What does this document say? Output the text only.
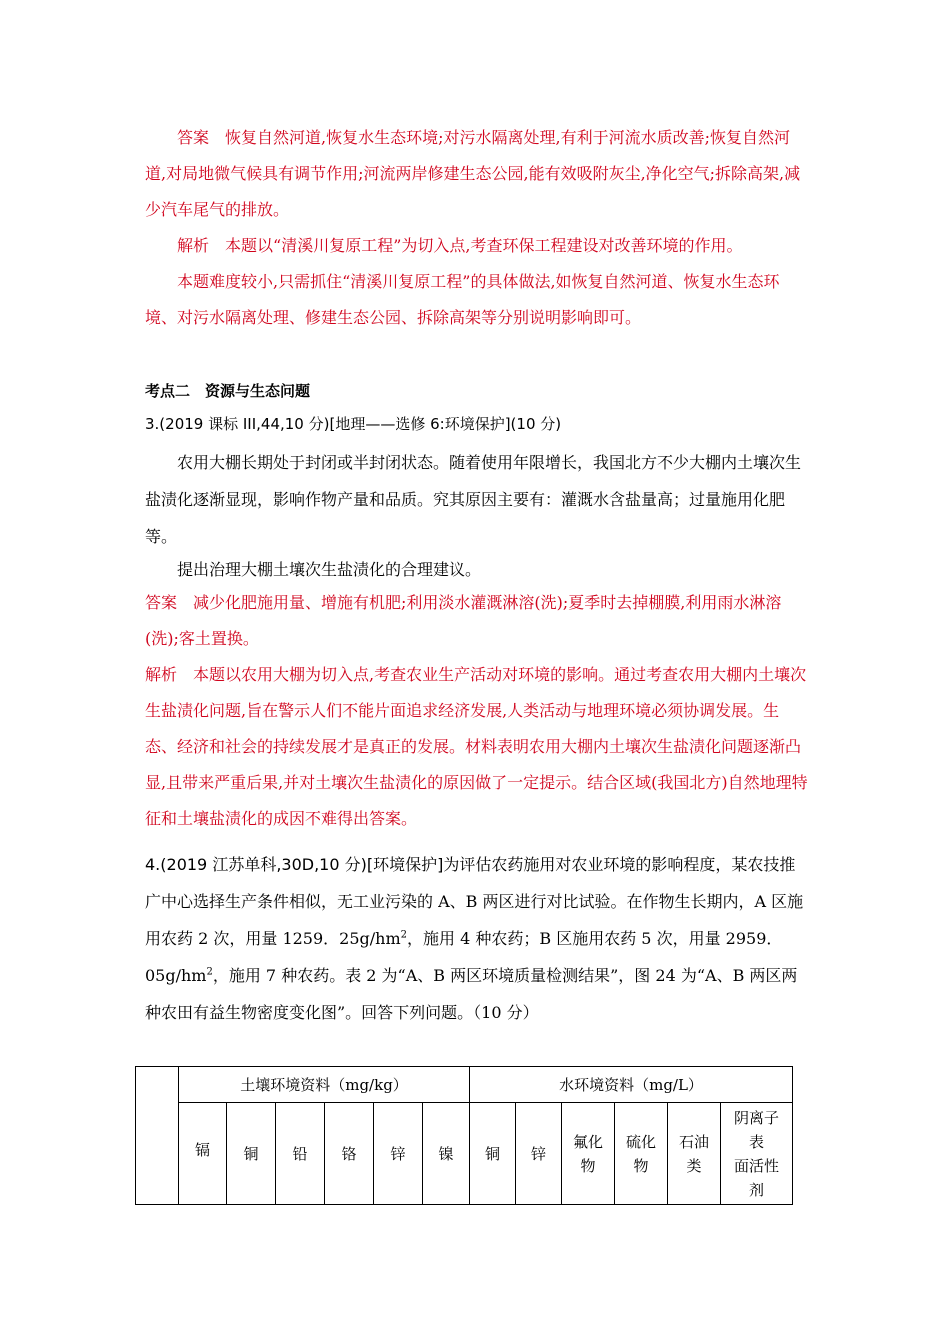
答案　 恢复自然河道,恢复水生态环境;对污水隔离处理,有利于河流水质改善;恢复自然河道,对局地微气候具有调节作用;河流两岸修建生态公园,能有效吸附灰尘,净化空气;拆除高架,减少汽车尾气的排放。

解析　 本题以“清溪川复原工程”为切入点,考查环保工程建设对改善环境的作用。

本题难度较小,只需抓住“清溪川复原工程”的具体做法,如恢复自然河道、恢复水生态环境、对污水隔离处理、修建生态公园、拆除高架等分别说明影响即可。

考点二　资源与生态问题

3.(2019 课标 III,44,10 分)[地理——选修 6:环境保护](10 分)

农用大棚长期处于封闭或半封闭状态。随着使用年限增长，我国北方不少大棚内土壤次生盐渍化逐渐显现，影响作物产量和品质。究其原因主要有：灌溉水含盐量高；过量施用化肥等。

提出治理大棚土壤次生盐渍化的合理建议。

答案　 减少化肥施用量、增施有机肥;利用淡水灌溉淋溶(洗);夏季时去掉棚膜,利用雨水淋溶(洗);客土置换。

解析　 本题以农用大棚为切入点,考查农业生产活动对环境的影响。通过考查农用大棚内土壤次生盐渍化问题,旨在警示人们不能片面追求经济发展,人类活动与地理环境必须协调发展。生态、经济和社会的持续发展才是真正的发展。材料表明农用大棚内土壤次生盐渍化问题逐渐凸显,且带来严重后果,并对土壤次生盐渍化的原因做了一定提示。结合区域(我国北方)自然地理特征和土壤盐渍化的成因不难得出答案。

4.(2019 江苏单科,30D,10 分)[环境保护]为评估农药施用对农业环境的影响程度，某农技推广中心选择生产条件相似，无工业污染的 A、B 两区进行对比试验。在作物生长期内，A 区施用农药 2 次，用量 1259．$25g/hm^2$，施用 4 种农药；B 区施用农药 5 次，用量 2959．$05g/hm^2$，施用 7 种农药。表 2 为“A、B 两区环境质量检测结果”，图 24 为“A、B 两区两种农田有益生物密度变化图”。回答下列问题。（10 分）

	土壤环境资料（mg/kg）						水环境资料（mg/L）					
	镉	铜	铅	铬	锌	镍	铜	锌	氟化
物	硫化
物	石油
类	阴离子
表
面活性
剂
